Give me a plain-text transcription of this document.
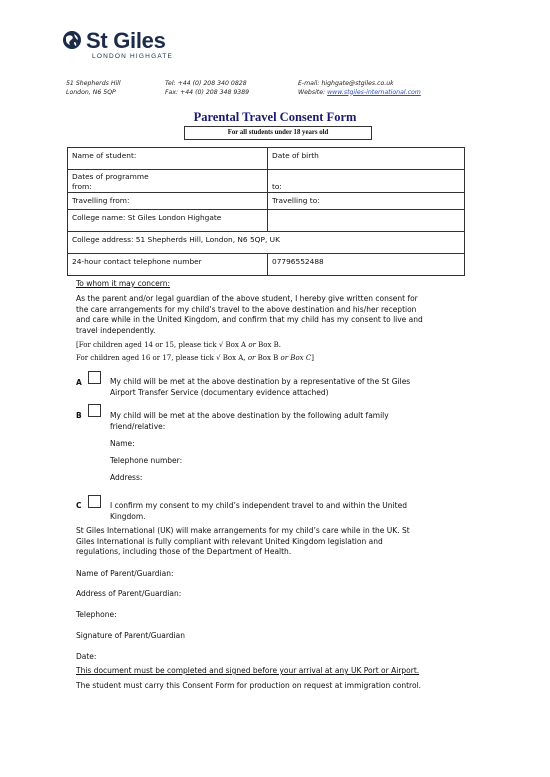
St Giles
LONDON HIGHGATE
51 Shepherds Hill
London, N6 5QP
Tel: +44 (0) 208 340 0828
Fax: +44 (0) 208 348 9389
E-mail: highgate@stgiles.co.uk
Website: www.stgiles-international.com
Parental Travel Consent Form
For all students under 18 years old
Name of student:	Date of birth

Dates of programme
from:	to:
Travelling from:	Travelling to:
College name: St Giles London Highgate	
College address: 51 Shepherds Hill, London, N6 5QP, UK	
24-hour contact telephone number	07796552488
To whom it may concern:
As the parent and/or legal guardian of the above student, I hereby give written consent for
the care arrangements for my child’s travel to the above destination and his/her reception
and care while in the United Kingdom, and confirm that my child has my consent to live and
travel independently.
[For children aged 14 or 15, please tick √ Box A or Box B.
For children aged 16 or 17, please tick √ Box A, or Box B or Box C]
A	My child will be met at the above destination by a representative of the St Giles
Airport Transfer Service (documentary evidence attached)
B	My child will be met at the above destination by the following adult family
friend/relative:
Name:
Telephone number:
Address:
C	I confirm my consent to my child’s independent travel to and within the United
Kingdom.
St Giles International (UK) will make arrangements for my child’s care while in the UK. St
Giles International is fully compliant with relevant United Kingdom legislation and
regulations, including those of the Department of Health.
Name of Parent/Guardian:
Address of Parent/Guardian:
Telephone:
Signature of Parent/Guardian
Date:
This document must be completed and signed before your arrival at any UK Port or Airport.
The student must carry this Consent Form for production on request at immigration control.
